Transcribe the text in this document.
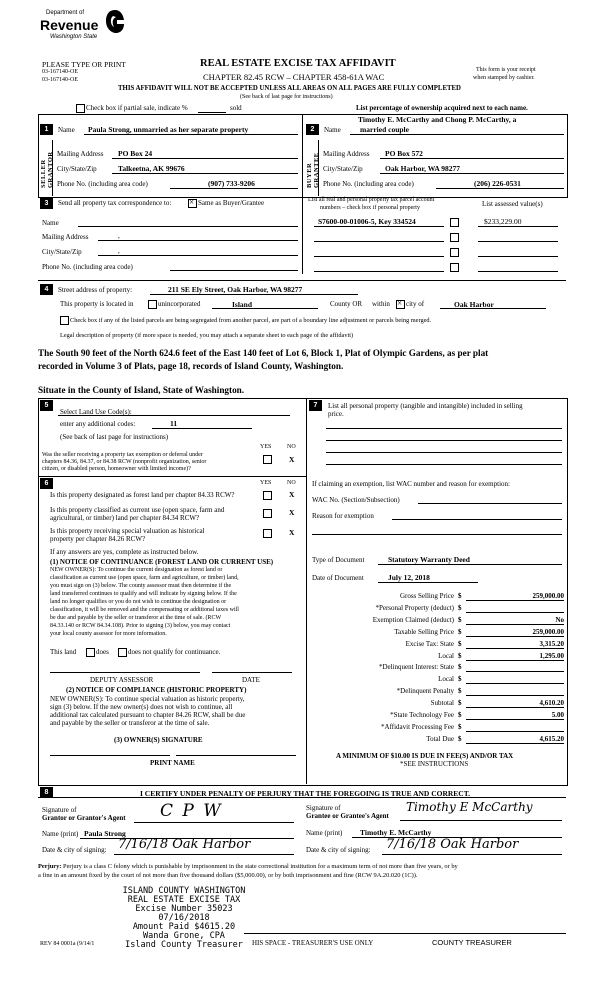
Department of
Revenue
Washington State
PLEASE TYPE OR PRINT
03-167140-OE
03-167140-OE
REAL ESTATE EXCISE TAX AFFIDAVIT
CHAPTER 82.45 RCW – CHAPTER 458-61A WAC
This form is your receipt
when stamped by cashier.
THIS AFFIDAVIT WILL NOT BE ACCEPTED UNLESS ALL AREAS ON ALL PAGES ARE FULLY COMPLETED
(See back of last page for instructions)
Check box if partial sale, indicate %	sold	List percentage of ownership acquired next to each name.
1	Name Paula Strong, unmarried as her separate property
SELLER GRANTOR Mailing Address PO Box 24
City/State/Zip	Talkeetna, AK 99676
Phone No. (including area code)	(907) 733-9206
Timothy E. McCarthy and Chong P. McCarthy, a
2	Name	married couple
BUYER GRANTEE Mailing Address PO Box 572
City/State/Zip	Oak Harbor, WA 98277
Phone No. (including area code)	(206) 226-0531
3	Send all property tax correspondence to: ×	Same as Buyer/Grantee
Name
Mailing Address	,
City/State/Zip	,
Phone No. (including area code)
List all real and personal property tax parcel account
numbers – check box if personal property	List assessed value(s)
S7600-00-01006-5, Key 334524	$233,229.00
4	Street address of property:	211 SE Ely Street, Oak Harbor, WA 98277
This property is located in	unincorporated	Island	County OR within × city of	Oak Harbor
Check box if any of the listed parcels are being segregated from another parcel, are part of a boundary line adjustment or parcels being merged.
Legal description of property (if more space is needed, you may attach a separate sheet to each page of the affidavit)
The South 90 feet of the North 624.6 feet of the East 140 feet of Lot 6, Block 1, Plat of Olympic Gardens, as per plat
recorded in Volume 3 of Plats, page 18, records of Island County, Washington.
Situate in the County of Island, State of Washington.
5
Select Land Use Code(s):
enter any additional codes:	11
(See back of last page for instructions)
YES	NO
Was the seller receiving a property tax exemption or deferral under
chapters 84.36, 84.37, or 84.38 RCW (nonprofit organization, senior
citizen, or disabled person, homeowner with limited income)?
X
6	YES	NO
Is this property designated as forest land per chapter 84.33 RCW?	X
Is this property classified as current use (open space, farm and
agricultural, or timber) land per chapter 84.34 RCW?
X
Is this property receiving special valuation as historical
property per chapter 84.26 RCW?
X
If any answers are yes, complete as instructed below.
(1) NOTICE OF CONTINUANCE (FOREST LAND OR CURRENT USE)
NEW OWNER(S): To continue the current designation as forest land or
classification as current use (open space, farm and agriculture, or timber) land,
you must sign on (3) below. The county assessor must then determine if the
land transferred continues to qualify and will indicate by signing below. If the
land no longer qualifies or you do not wish to continue the designation or
classification, it will be removed and the compensating or additional taxes will
be due and payable by the seller or transferor at the time of sale. (RCW
84.33.140 or RCW 84.34.108). Prior to signing (3) below, you may contact
your local county assessor for more information.
This land	does	does not qualify for continuance.
DEPUTY ASSESSOR	DATE
(2) NOTICE OF COMPLIANCE (HISTORIC PROPERTY)
NEW OWNER(S): To continue special valuation as historic property,
sign (3) below. If the new owner(s) does not wish to continue, all
additional tax calculated pursuant to chapter 84.26 RCW, shall be due
and payable by the seller or transferor at the time of sale.
(3) OWNER(S) SIGNATURE
PRINT NAME
7	List all personal property (tangible and intangible) included in selling
price.
If claiming an exemption, list WAC number and reason for exemption:
WAC No. (Section/Subsection)
Reason for exemption
Type of Document	Statutory Warranty Deed
Date of Document	July 12, 2018
Gross Selling Price $	259,000.00
*Personal Property (deduct) $
Exemption Claimed (deduct) $	No
Taxable Selling Price $	259,000.00
Excise Tax: State $	3,315.20
Local $	1,295.00
*Delinquent Interest: State $
Local $
*Delinquent Penalty $
Subtotal $	4,610.20
*State Technology Fee $	5.00
*Affidavit Processing Fee $
Total Due $	4,615.20
A MINIMUM OF $10.00 IS DUE IN FEE(S) AND/OR TAX
*SEE INSTRUCTIONS
8	I CERTIFY UNDER PENALTY OF PERJURY THAT THE FOREGOING IS TRUE AND CORRECT.
Signature of
Grantor or Grantor's Agent C P W
Name (print) Paula Strong
Date & city of signing: 7/16/18 Oak Harbor
Signature of
Grantee or Grantee's Agent
Timothy E McCarthy
Name (print) Timothy E. McCarthy
Date & city of signing: 7/16/18 Oak Harbor
Perjury: Perjury is a class C felony which is punishable by imprisonment in the state correctional institution for a maximum term of not more than five years, or by
a fine in an amount fixed by the court of not more than five thousand dollars ($5,000.00), or by both imprisonment and fine (RCW 9A.20.020 (1C)).
ISLAND COUNTY WASHINGTON
REAL ESTATE EXCISE TAX
Excise Number 35023
07/16/2018
Amount Paid $4615.20
Wanda Grone, CPA
Island County Treasurer
REV 84 0001a (9/14/1	HIS SPACE - TREASURER'S USE ONLY	COUNTY TREASURER
